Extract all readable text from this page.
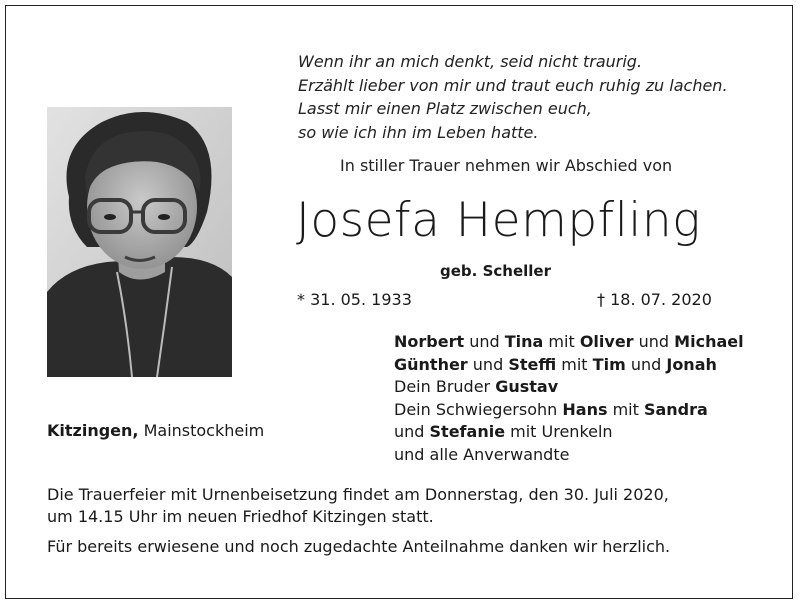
Wenn ihr an mich denkt, seid nicht traurig.
Erzählt lieber von mir und traut euch ruhig zu lachen.
Lasst mir einen Platz zwischen euch,
so wie ich ihn im Leben hatte.
In stiller Trauer nehmen wir Abschied von
Josefa Hempfling
geb. Scheller
* 31. 05. 1933	† 18. 07. 2020
Norbert und Tina mit Oliver und Michael
Günther und Steffi mit Tim und Jonah
Dein Bruder Gustav
Dein Schwiegersohn Hans mit Sandra
und Stefanie mit Urenkeln
und alle Anverwandte
Kitzingen, Mainstockheim
Die Trauerfeier mit Urnenbeisetzung findet am Donnerstag, den 30. Juli 2020,
um 14.15 Uhr im neuen Friedhof Kitzingen statt.
Für bereits erwiesene und noch zugedachte Anteilnahme danken wir herzlich.
